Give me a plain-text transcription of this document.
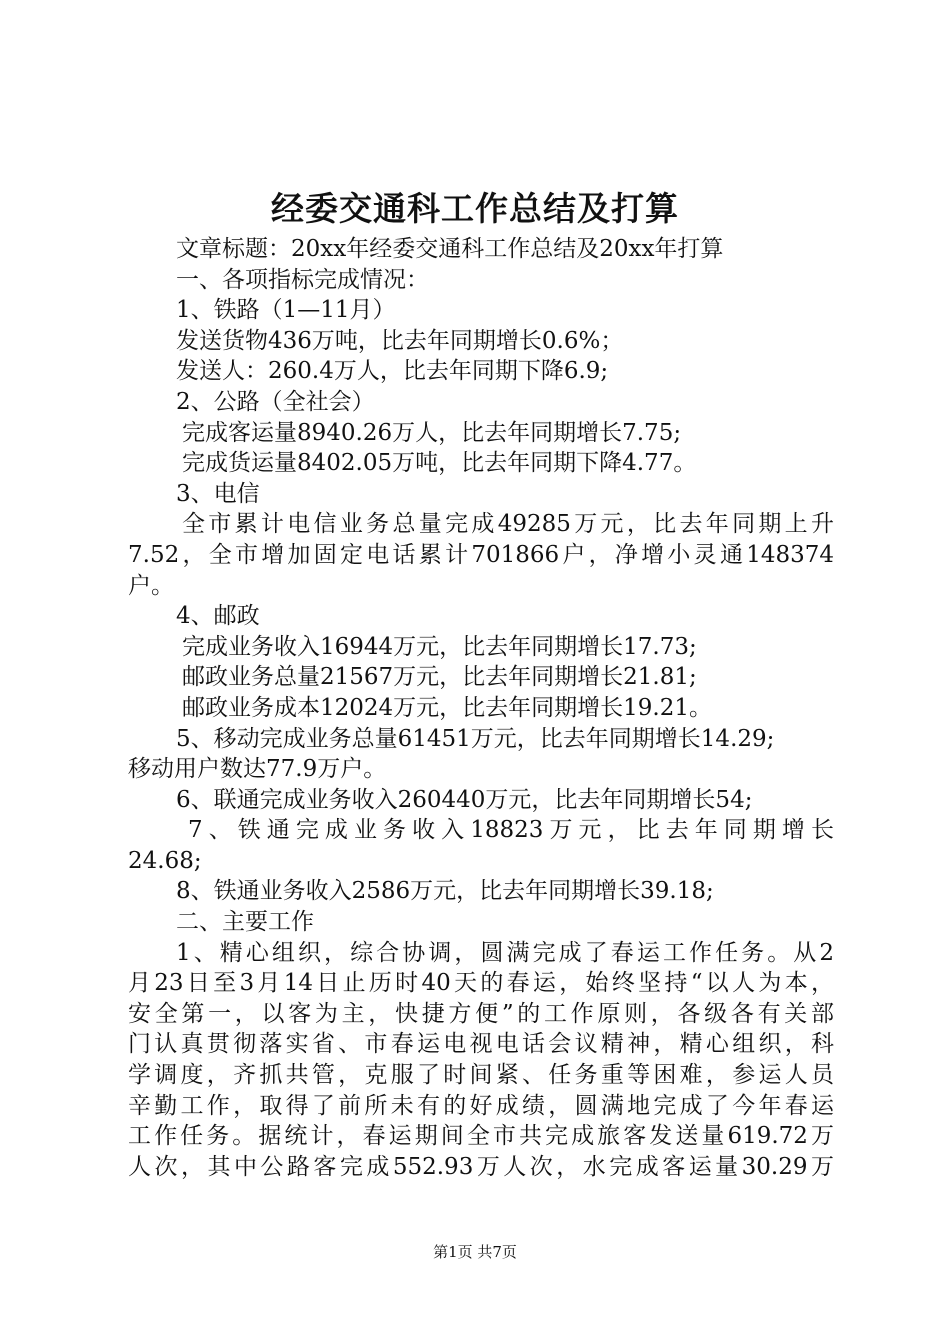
经委交通科工作总结及打算
文章标题：20xx年经委交通科工作总结及20xx年打算
一、各项指标完成情况：
1、铁路（1—11月）
发送货物436万吨，比去年同期增长0.6%；
发送人：260.4万人，比去年同期下降6.9;
2、公路（全社会）
完成客运量8940.26万人，比去年同期增长7.75;
完成货运量8402.05万吨，比去年同期下降4.77。
3、电信
全市累计电信业务总量完成49285万元，比去年同期上升
7.52，全市增加固定电话累计701866户，净增小灵通148374
户。
4、邮政
完成业务收入16944万元，比去年同期增长17.73;
邮政业务总量21567万元，比去年同期增长21.81;
邮政业务成本12024万元，比去年同期增长19.21。
5、移动完成业务总量61451万元，比去年同期增长14.29;
移动用户数达77.9万户。
6、联通完成业务收入260440万元，比去年同期增长54;
7、铁通完成业务收入18823万元，比去年同期增长
24.68;
8、铁通业务收入2586万元，比去年同期增长39.18;
二、主要工作
1、精心组织，综合协调，圆满完成了春运工作任务。从2
月23日至3月14日止历时40天的春运，始终坚持“以人为本，
安全第一，以客为主，快捷方便”的工作原则，各级各有关部
门认真贯彻落实省、市春运电视电话会议精神，精心组织，科
学调度，齐抓共管，克服了时间紧、任务重等困难，参运人员
辛勤工作，取得了前所未有的好成绩，圆满地完成了今年春运
工作任务。据统计，春运期间全市共完成旅客发送量619.72万
人次，其中公路客完成552.93万人次，水完成客运量30.29万
第1页 共7页
